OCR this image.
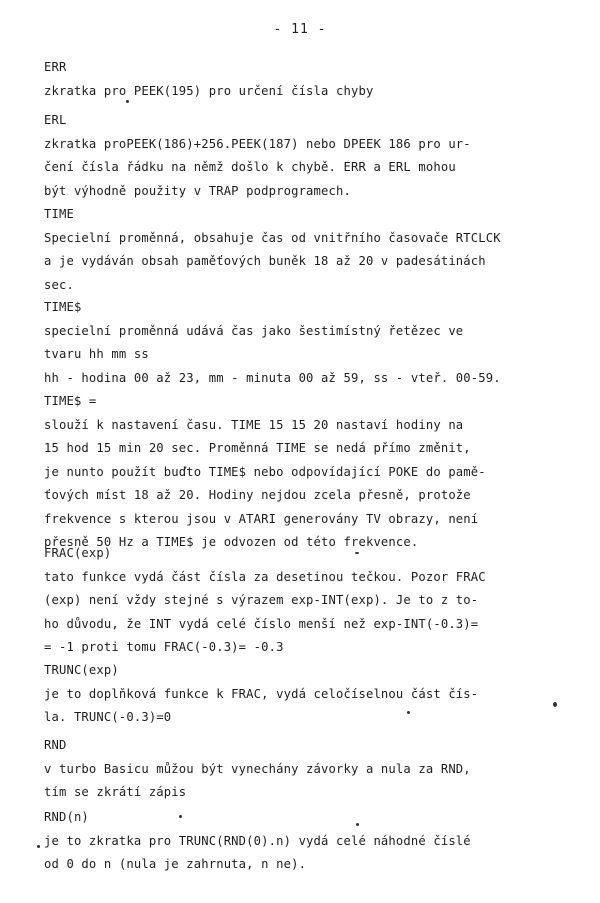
- 11 -

ERR

zkratka pro PEEK(195) pro určení čísla chyby

ERL

zkratka proPEEK(186)+256.PEEK(187) nebo DPEEK 186 pro ur-

čení čísla řádku na němž došlo k chybě. ERR a ERL mohou

být výhodně použity v TRAP podprogramech.

TIME

Specielní proměnná, obsahuje čas od vnitřního časovače RTCLCK

a je vydáván obsah paměťových buněk 18 až 20 v padesátinách

sec.

TIME$

specielní proměnná udává čas jako šestimístný řetězec ve

tvaru hh mm ss

hh - hodina 00 až 23, mm - minuta 00 až 59, ss - vteř. 00-59.

TIME$ =

slouží k nastavení času. TIME 15 15 20 nastaví hodiny na

15 hod 15 min 20 sec. Proměnná TIME se nedá přímo změnit,

je nunto použít buďto TIME$ nebo odpovídající POKE do pamě-

ťových míst 18 až 20. Hodiny nejdou zcela přesně, protože

frekvence s kterou jsou v ATARI generovány TV obrazy, není

přesně 50 Hz a TIME$ je odvozen od této frekvence.

FRAC(exp)

tato funkce vydá část čísla za desetinou tečkou. Pozor FRAC

(exp) není vždy stejné s výrazem exp-INT(exp). Je to z to-

ho důvodu, že INT vydá celé číslo menší než exp-INT(-0.3)=

= -1 proti tomu FRAC(-0.3)= -0.3

TRUNC(exp)

je to doplňková funkce k FRAC, vydá celočíselnou část čís-

la. TRUNC(-0.3)=0

RND

v turbo Basicu můžou být vynechány závorky a nula za RND,

tím se zkrátí zápis

RND(n)

je to zkratka pro TRUNC(RND(0).n) vydá celé náhodné číslé

od 0 do n (nula je zahrnuta, n ne).
